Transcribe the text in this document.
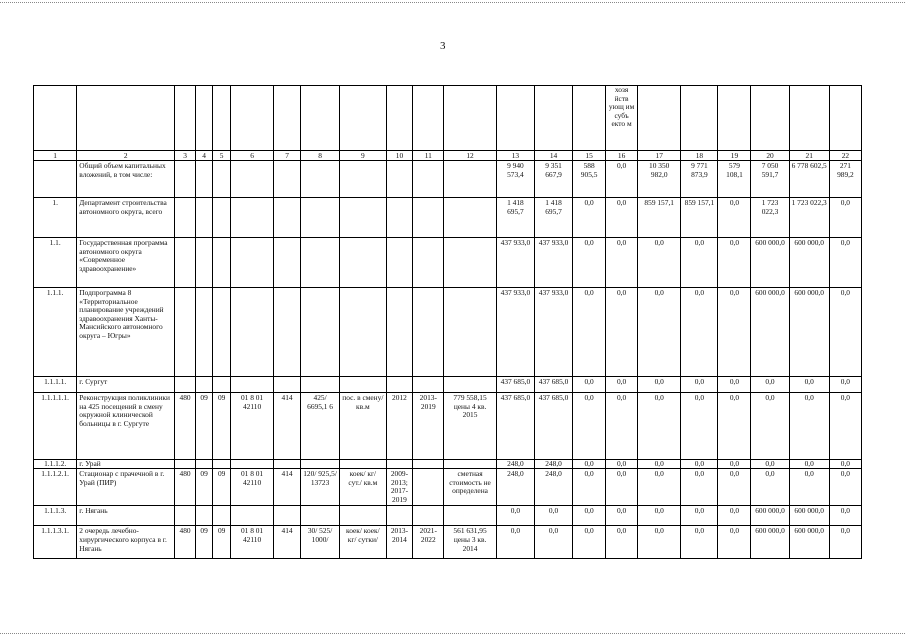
3
															хозя йств ующ им субъ екто м						
1	2	3	4	5	6	7	8	9	10	11	12	13	14	15	16	17	18	19	20	21	22
	Общий объем капитальных вложений, в том числе:											9 940 573,4	9 351 667,9	588 905,5	0,0	10 350 982,0	9 771 873,9	579 108,1	7 050 591,7	6 778 602,5	271 989,2
1.	Департамент строительства автономного округа, всего											1 418 695,7	1 418 695,7	0,0	0,0	859 157,1	859 157,1	0,0	1 723 022,3	1 723 022,3	0,0
1.1.	Государственная программа автономного округа «Современное здравоохранение»											437 933,0	437 933,0	0,0	0,0	0,0	0,0	0,0	600 000,0	600 000,0	0,0
1.1.1.	Подпрограмма 8 «Территориальное планирование учреждений здравоохранения Ханты-Мансийского автономного округа – Югры»											437 933,0	437 933,0	0,0	0,0	0,0	0,0	0,0	600 000,0	600 000,0	0,0
1.1.1.1.	г. Сургут											437 685,0	437 685,0	0,0	0,0	0,0	0,0	0,0	0,0	0,0	0,0
1.1.1.1.1.	Реконструкция поликлиники на 425 посещений в смену окружной клинической больницы в г. Сургуте	480	09	09	01 8 01 42110	414	425/ 6695,1 6	пос. в смену/ кв.м	2012	2013-2019	779 558,15 цены 4 кв. 2015	437 685,0	437 685,0	0,0	0,0	0,0	0,0	0,0	0,0	0,0	0,0
1.1.1.2.	г. Урай											248,0	248,0	0,0	0,0	0,0	0,0	0,0	0,0	0,0	0,0
1.1.1.2.1.	Стационар с прачечной в г. Урай (ПИР)	480	09	09	01 8 01 42110	414	120/ 925,5/ 13723	коек/ кг/ сут./ кв.м	2009-2013; 2017-2019		сметная стоимость не определена	248,0	248,0	0,0	0,0	0,0	0,0	0,0	0,0	0,0	0,0
1.1.1.3.	г. Нягань											0,0	0,0	0,0	0,0	0,0	0,0	0,0	600 000,0	600 000,0	0,0
1.1.1.3.1.	2 очередь лечебно-хирургического корпуса в г. Нягань	480	09	09	01 8 01 42110	414	30/ 525/ 1000/	коек/ коек/ кг/ сутки/	2013-2014	2021-2022	561 631,95 цены 3 кв. 2014	0,0	0,0	0,0	0,0	0,0	0,0	0,0	600 000,0	600 000,0	0,0
